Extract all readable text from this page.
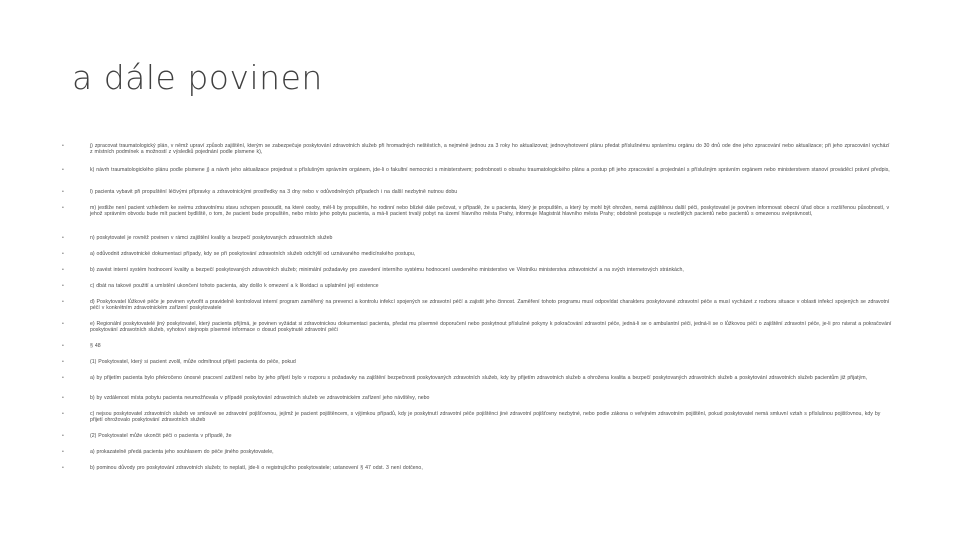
a dále povinen
•	j) zpracovat traumatologický plán, v němž upraví způsob zajištění, kterým se zabezpečuje poskytování zdravotních služeb při hromadných neštěstích, a nejméně jednou za 3 roky ho aktualizovat; jednovyhotovení plánu předat příslušnému správnímu orgánu do 30 dnů ode dne jeho zpracování nebo aktualizace; při jeho zpracování vychází z místních podmínek a možností z výsledků pojednání podle písmene k),
•	k) návrh traumatologického plánu podle písmene j) a návrh jeho aktualizace projednat s příslušným správním orgánem, jde-li o fakultní nemocnici s ministerstvem; podrobnosti o obsahu traumatologického plánu a postup při jeho zpracování a projednání s příslušným správním orgánem nebo ministerstvem stanoví prováděcí právní předpis,
•	l) pacienta vybavit při propuštění léčivými přípravky a zdravotnickými prostředky na 3 dny nebo v odůvodněných případech i na další nezbytně nutnou dobu
•	m) jestliže není pacient vzhledem ke svému zdravotnímu stavu schopen posoudit, na které osoby, měl-li by propuštěn, ho rodinní nebo blízké dále pečovat, v případě, že u pacienta, který je propuštěn, a který by mohl být ohrožen, nemá zajištěnou další péči, poskytovatel je povinen informovat obecní úřad obce s rozšířenou působností, v jehož správním obvodu bude mít pacient bydliště, o tom, že pacient bude propuštěn, nebo místo jeho pobytu pacienta, a má-li pacient trvalý pobyt na území hlavního města Prahy, informuje Magistrát hlavního města Prahy; obdobně postupuje u nezletilých pacientů nebo pacientů s omezenou svéprávností,
•	n) poskytovatel je rovněž povinen v rámci zajištění kvality a bezpečí poskytovaných zdravotních služeb
•	a) odůvodnit zdravotnické dokumentaci případy, kdy se při poskytování zdravotních služeb odchýlil od uznávaného medicínského postupu,
•	b) zavést interní systém hodnocení kvality a bezpečí poskytovaných zdravotních služeb; minimální požadavky pro zavedení interního systému hodnocení uvedeného ministerstvo ve Věstníku ministerstva zdravotnictví a na svých internetových stránkách,
•	c) dbát na takové použití a umístění ukončení tohoto pacienta, aby došlo k omezení a k likvidaci a uplatnění její existence
•	d) Poskytovatel lůžkové péče je povinen vytvořit a pravidelně kontrolovat interní program zaměřený na prevenci a kontrolu infekcí spojených se zdravotní péčí a zajistit jeho činnost. Zaměření tohoto programu musí odpovídat charakteru poskytované zdravotní péče a musí vycházet z rozboru situace v oblasti infekcí spojených se zdravotní péčí v konkrétním zdravotnickém zařízení poskytovatele
•	e) Regionální poskytovatelé jiný poskytovatel, který pacienta přijímá, je povinen vyžádat si zdravotnickou dokumentaci pacienta, předat mu písemné doporučení nebo poskytnout příslušné pokyny k pokračování zdravotní péče, jedná-li se o ambulantní péči, jedná-li se o lůžkovou péči o zajištění zdravotní péče, je-li pro návrat a pokračování poskytování zdravotních služeb, vyhotoví stejnopis písemné informace o dosud poskytnuté zdravotní péči
•	§ 48
•	(1) Poskytovatel, který si pacient zvolil, může odmítnout přijetí pacienta do péče, pokud
•	a) by přijetím pacienta bylo překročeno únosné pracovní zatížení nebo by jeho přijetí bylo v rozporu s požadavky na zajištění bezpečnosti poskytovaných zdravotních služeb, kdy by přijetím zdravotních služeb a ohrožena kvalita a bezpečí poskytovaných zdravotních služeb a poskytování zdravotních služeb pacientům již přijatým,
•	b) by vzdálenost místa pobytu pacienta neumožňovala v případě poskytování zdravotních služeb ve zdravotnickém zařízení jeho návštěvy, nebo
•	c) nejsou poskytovatel zdravotních služeb ve smlouvě se zdravotní pojišťovnou, jejímž je pacient pojištěncem, s výjimkou případů, kdy je poskytnutí zdravotní péče pojištěnci jiné zdravotní pojišťovny nezbytné, nebo podle zákona o veřejném zdravotním pojištění, pokud poskytovatel nemá smluvní vztah s příslušnou pojišťovnou, kdy by přijetí ohrožovalo poskytování zdravotních služeb
•	(2) Poskytovatel může ukončit péči o pacienta v případě, že
•	a) prokazatelně předá pacienta jeho souhlasem do péče jiného poskytovatele,
•	b) pominou důvody pro poskytování zdravotních služeb; to neplatí, jde-li o registrujícího poskytovatele; ustanovení § 47 odst. 3 není dotčeno,
